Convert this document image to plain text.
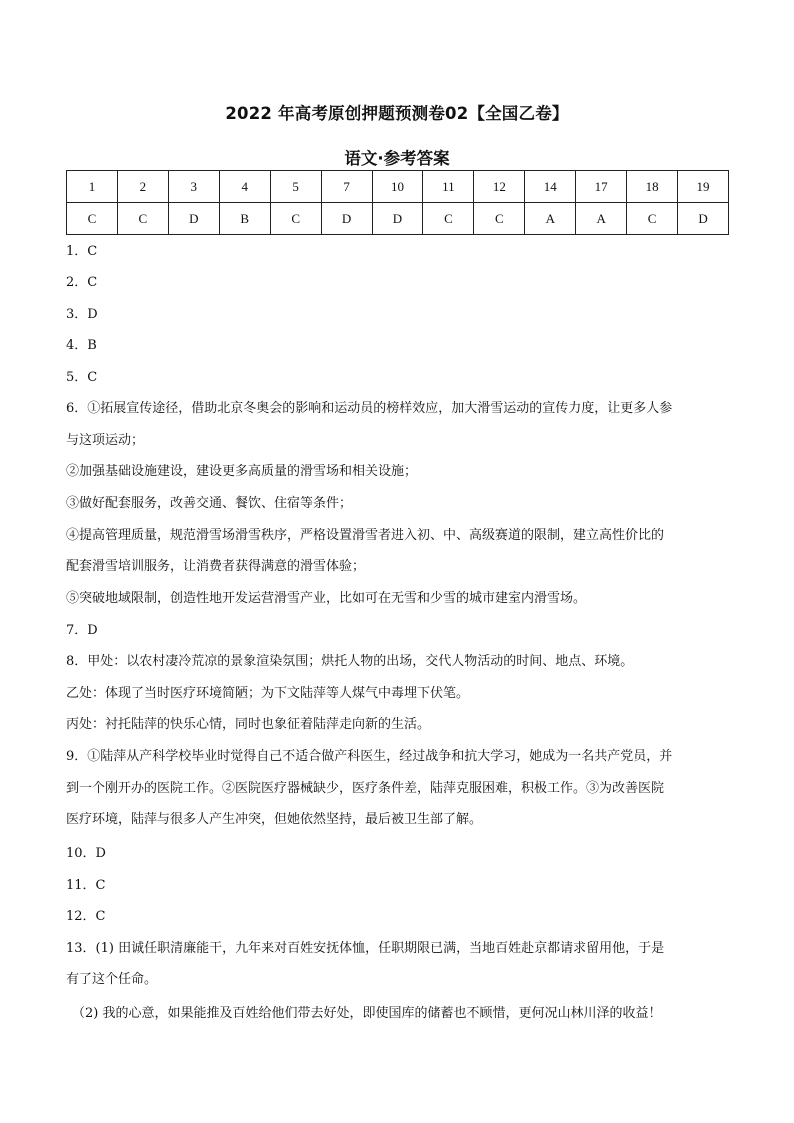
2022 年高考原创押题预测卷02【全国乙卷】
语文·参考答案
1	2	3	4	5	7	10	11	12	14	17	18	19
C	C	D	B	C	D	D	C	C	A	A	C	D
1．C
2．C
3．D
4．B
5．C
6．①拓展宣传途径，借助北京冬奥会的影响和运动员的榜样效应，加大滑雪运动的宣传力度，让更多人参
与这项运动；
②加强基础设施建设，建设更多高质量的滑雪场和相关设施；
③做好配套服务，改善交通、餐饮、住宿等条件；
④提高管理质量，规范滑雪场滑雪秩序，严格设置滑雪者进入初、中、高级赛道的限制，建立高性价比的
配套滑雪培训服务，让消费者获得满意的滑雪体验；
⑤突破地域限制，创造性地开发运营滑雪产业，比如可在无雪和少雪的城市建室内滑雪场。
7．D
8．甲处：以农村凄冷荒凉的景象渲染氛围；烘托人物的出场，交代人物活动的时间、地点、环境。
乙处：体现了当时医疗环境简陋；为下文陆萍等人煤气中毒埋下伏笔。
丙处：衬托陆萍的快乐心情，同时也象征着陆萍走向新的生活。
9．①陆萍从产科学校毕业时觉得自己不适合做产科医生，经过战争和抗大学习，她成为一名共产党员，并
到一个刚开办的医院工作。②医院医疗器械缺少，医疗条件差，陆萍克服困难，积极工作。③为改善医院
医疗环境，陆萍与很多人产生冲突，但她依然坚持，最后被卫生部了解。
10．D
11．C
12．C
13．(1) 田诚任职清廉能干，九年来对百姓安抚体恤，任职期限已满，当地百姓赴京都请求留用他，于是
有了这个任命。
（2) 我的心意，如果能推及百姓给他们带去好处，即使国库的储蓄也不顾惜，更何况山林川泽的收益！
